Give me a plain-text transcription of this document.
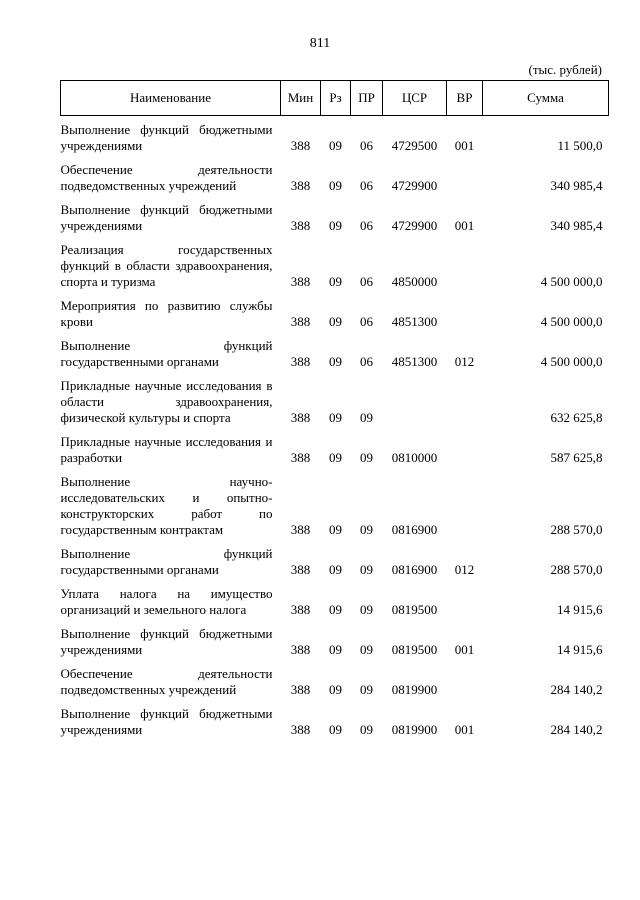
811
(тыс. рублей)
Наименование	Мин	Рз	ПР	ЦСР	ВР	Сумма
Выполнение функций бюджетными учреждениями	388	09	06	4729500	001	11 500,0
Обеспечение деятельности подведомственных учреждений	388	09	06	4729900		340 985,4
Выполнение функций бюджетными учреждениями	388	09	06	4729900	001	340 985,4
Реализация государственных функций в области здравоохранения, спорта и туризма	388	09	06	4850000		4 500 000,0
Мероприятия по развитию службы крови	388	09	06	4851300		4 500 000,0
Выполнение функций государственными органами	388	09	06	4851300	012	4 500 000,0
Прикладные научные исследования в области здравоохранения, физической культуры и спорта	388	09	09			632 625,8
Прикладные научные исследования и разработки	388	09	09	0810000		587 625,8
Выполнение научно-исследовательских и опытно-конструкторских работ по государственным контрактам	388	09	09	0816900		288 570,0
Выполнение функций государственными органами	388	09	09	0816900	012	288 570,0
Уплата налога на имущество организаций и земельного налога	388	09	09	0819500		14 915,6
Выполнение функций бюджетными учреждениями	388	09	09	0819500	001	14 915,6
Обеспечение деятельности подведомственных учреждений	388	09	09	0819900		284 140,2
Выполнение функций бюджетными учреждениями	388	09	09	0819900	001	284 140,2
